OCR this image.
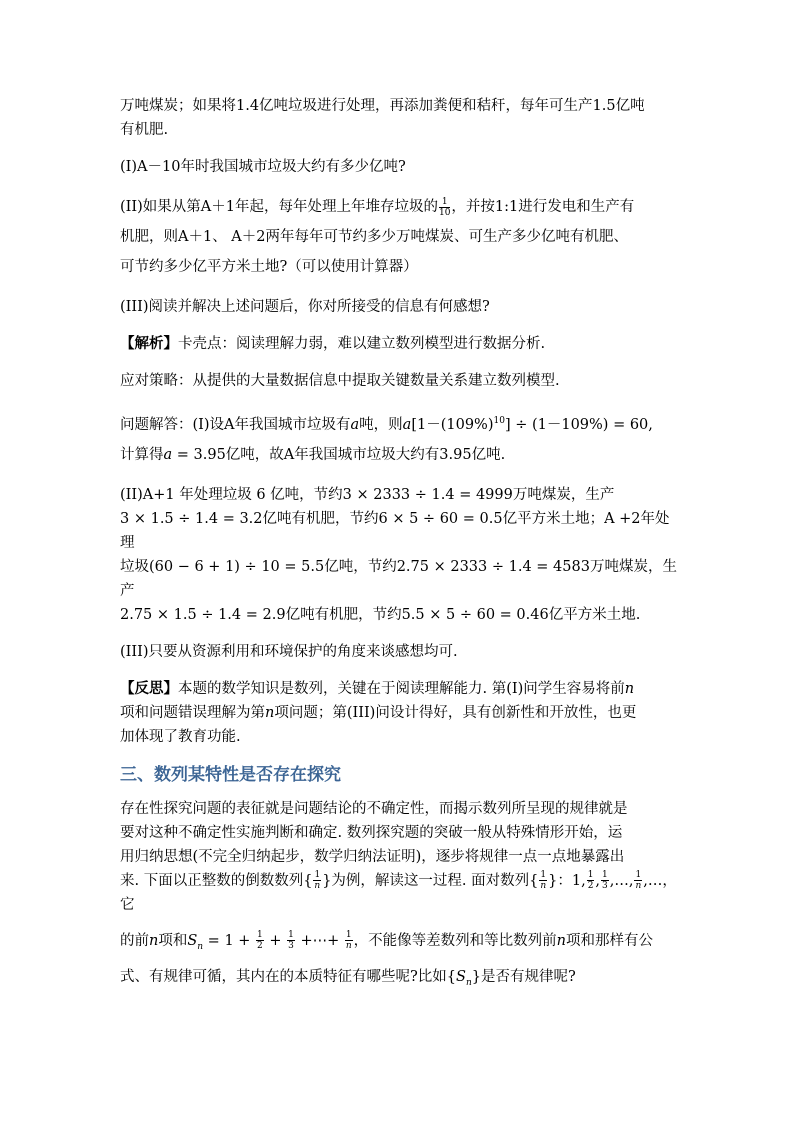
万吨煤炭；如果将1.4亿吨垃圾进行处理，再添加粪便和秸秆，每年可生产1.5亿吨
有机肥.

(I)A－10年时我国城市垃圾大约有多少亿吨?

(II)如果从第A＋1年起，每年处理上年堆存垃圾的 $\frac{1}{10}$ ，并按1:1进行发电和生产有
机肥，则A＋1、 A＋2两年每年可节约多少万吨煤炭、可生产多少亿吨有机肥、
可节约多少亿平方米土地?（可以使用计算器）

(III)阅读并解决上述问题后，你对所接受的信息有何感想?

【解析】卡壳点：阅读理解力弱，难以建立数列模型进行数据分析.

应对策略：从提供的大量数据信息中提取关键数量关系建立数列模型.

问题解答：(I)设A年我国城市垃圾有a吨，则$a[1-(109\%)^{10}] \div (1-109\%) = 60$,
计算得a = 3.95亿吨，故A年我国城市垃圾大约有3.95亿吨.

(II)A+1 年处理垃圾 6 亿吨，节约3 × 2333 ÷ 1.4 = 4999万吨煤炭，生产
3 × 1.5 ÷ 1.4 = 3.2亿吨有机肥，节约6 × 5 ÷ 60 = 0.5亿平方米土地；A +2年处理
垃圾(60 − 6 + 1) ÷ 10 = 5.5亿吨，节约2.75 × 2333 ÷ 1.4 = 4583万吨煤炭，生产
2.75 × 1.5 ÷ 1.4 = 2.9亿吨有机肥，节约5.5 × 5 ÷ 60 = 0.46亿平方米土地.

(III)只要从资源利用和环境保护的角度来谈感想均可.

【反思】本题的数学知识是数列，关键在于阅读理解能力. 第(I)问学生容易将前n
项和问题错误理解为第n项问题；第(III)问设计得好，具有创新性和开放性，也更
加体现了教育功能.

三、数列某特性是否存在探究

存在性探究问题的表征就是问题结论的不确定性，而揭示数列所呈现的规律就是
要对这种不确定性实施判断和确定. 数列探究题的突破一般从特殊情形开始，运
用归纳思想(不完全归纳起步，数学归纳法证明)，逐步将规律一点一点地暴露出
来. 下面以正整数的倒数数列{ $\frac{1}{n}$ }为例，解读这一过程. 面对数列{ $\frac{1}{n}$ }：1, $\frac{1}{2}$ , $\frac{1}{3}$ ,…, $\frac{1}{n}$ ,…，它

的前n项和$S_n = 1 + \frac{1}{2} + \frac{1}{3}$ +⋯+ $\frac{1}{n}$ ，不能像等差数列和等比数列前n项和那样有公
式、有规律可循，其内在的本质特征有哪些呢?比如$\{S_n\}$是否有规律呢?
